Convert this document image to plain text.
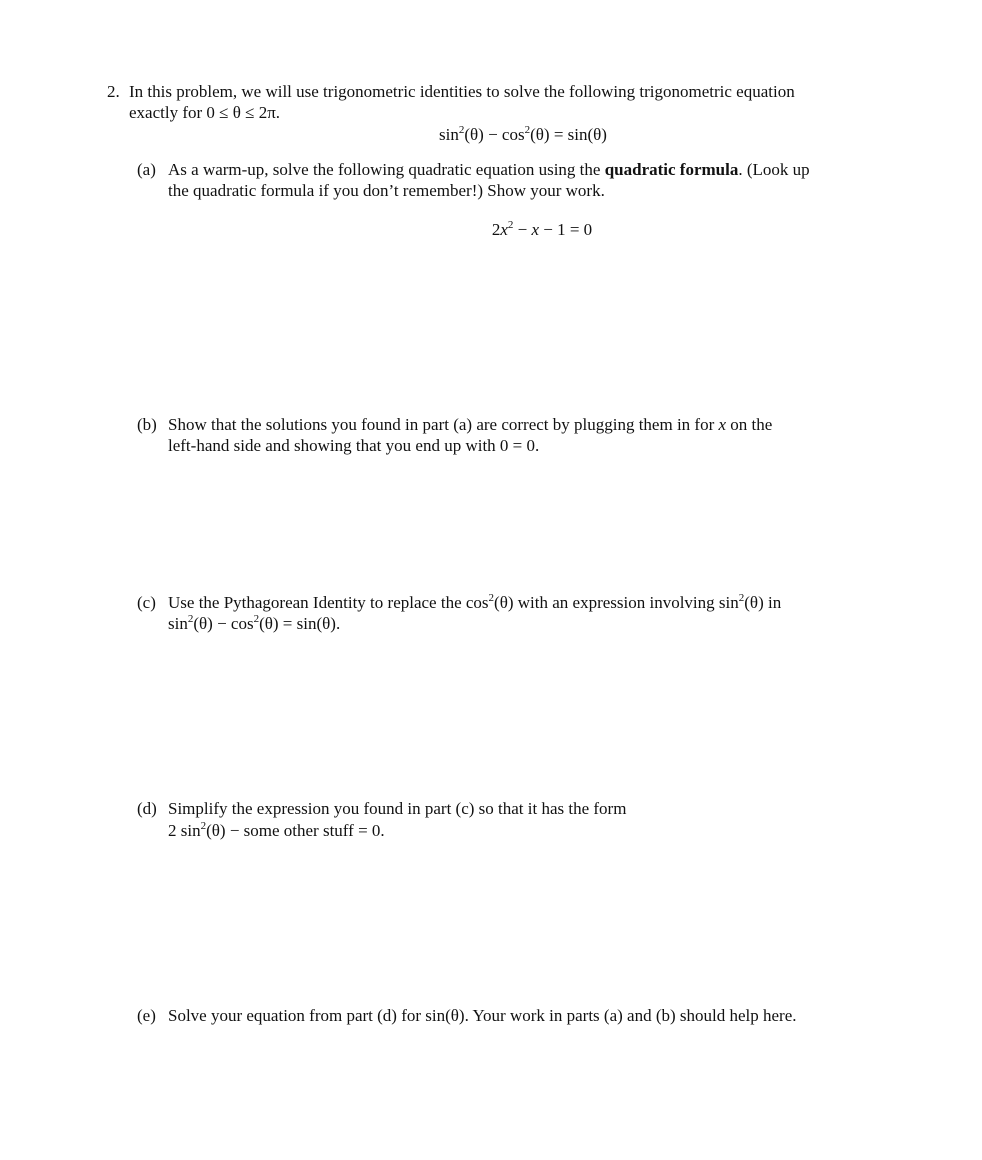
2. In this problem, we will use trigonometric identities to solve the following trigonometric equation
exactly for 0 ≤ θ ≤ 2π.
$\sin^2(\theta) - \cos^2(\theta) = \sin(\theta)$
(a) As a warm-up, solve the following quadratic equation using the quadratic formula. (Look up
the quadratic formula if you don’t remember!) Show your work.
$2x^2 - x - 1 = 0$
(b) Show that the solutions you found in part (a) are correct by plugging them in for x on the
left-hand side and showing that you end up with 0 = 0.
(c) Use the Pythagorean Identity to replace the $\cos^2(\theta)$ with an expression involving $\sin^2(\theta)$ in
$\sin^2(\theta) - \cos^2(\theta) = \sin(\theta)$.
(d) Simplify the expression you found in part (c) so that it has the form
2 $\sin^2(\theta)$ − some other stuff = 0.
(e) Solve your equation from part (d) for sin(θ). Your work in parts (a) and (b) should help here.
